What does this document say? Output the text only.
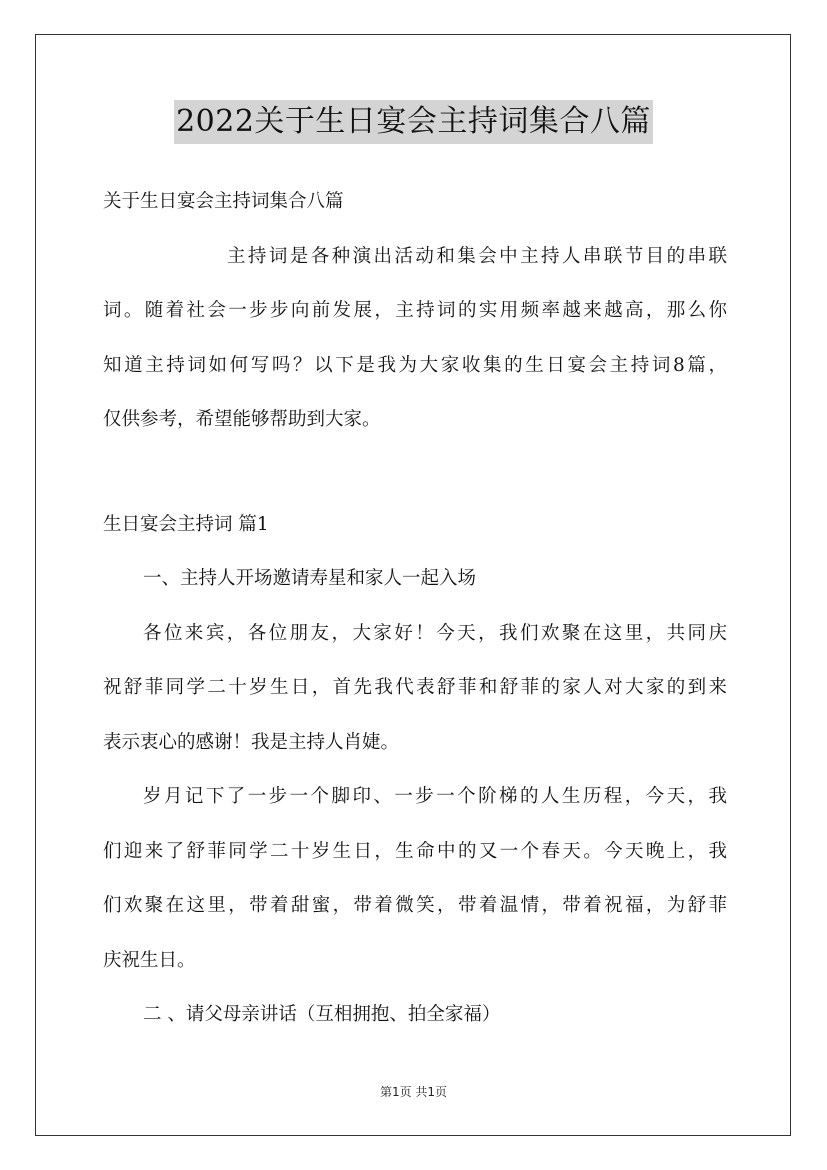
2022关于生日宴会主持词集合八篇

关于生日宴会主持词集合八篇

主持词是各种演出活动和集会中主持人串联节目的串联

词。随着社会一步步向前发展，主持词的实用频率越来越高，那么你

知道主持词如何写吗？以下是我为大家收集的生日宴会主持词8篇，

仅供参考，希望能够帮助到大家。

生日宴会主持词 篇1

一、主持人开场邀请寿星和家人一起入场

各位来宾，各位朋友，大家好！今天，我们欢聚在这里，共同庆

祝舒菲同学二十岁生日，首先我代表舒菲和舒菲的家人对大家的到来

表示衷心的感谢！我是主持人肖婕。

岁月记下了一步一个脚印、一步一个阶梯的人生历程，今天，我

们迎来了舒菲同学二十岁生日，生命中的又一个春天。今天晚上，我

们欢聚在这里，带着甜蜜，带着微笑，带着温情，带着祝福，为舒菲

庆祝生日。

二 、请父母亲讲话（互相拥抱、拍全家福）

第1页 共1页
